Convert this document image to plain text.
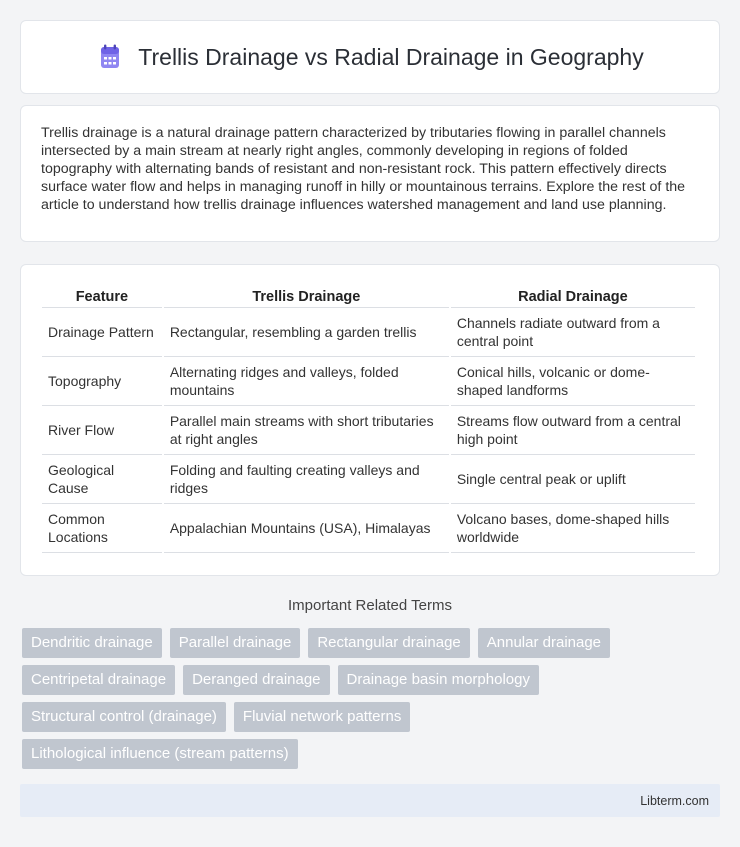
Trellis Drainage vs Radial Drainage in Geography

Trellis drainage is a natural drainage pattern characterized by tributaries flowing in parallel channels intersected by a main stream at nearly right angles, commonly developing in regions of folded topography with alternating bands of resistant and non-resistant rock. This pattern effectively directs surface water flow and helps in managing runoff in hilly or mountainous terrains. Explore the rest of the article to understand how trellis drainage influences watershed management and land use planning.

Feature	Trellis Drainage	Radial Drainage
Drainage Pattern	Rectangular, resembling a garden trellis	Channels radiate outward from a central point
Topography	Alternating ridges and valleys, folded mountains	Conical hills, volcanic or dome-shaped landforms
River Flow	Parallel main streams with short tributaries at right angles	Streams flow outward from a central high point
Geological Cause	Folding and faulting creating valleys and ridges	Single central peak or uplift
Common Locations	Appalachian Mountains (USA), Himalayas	Volcano bases, dome-shaped hills worldwide
Important Related Terms
Dendritic drainage	Parallel drainage	Rectangular drainage	Annular drainage
Centripetal drainage	Deranged drainage	Drainage basin morphology
Structural control (drainage)	Fluvial network patterns
Lithological influence (stream patterns)
Libterm.com
